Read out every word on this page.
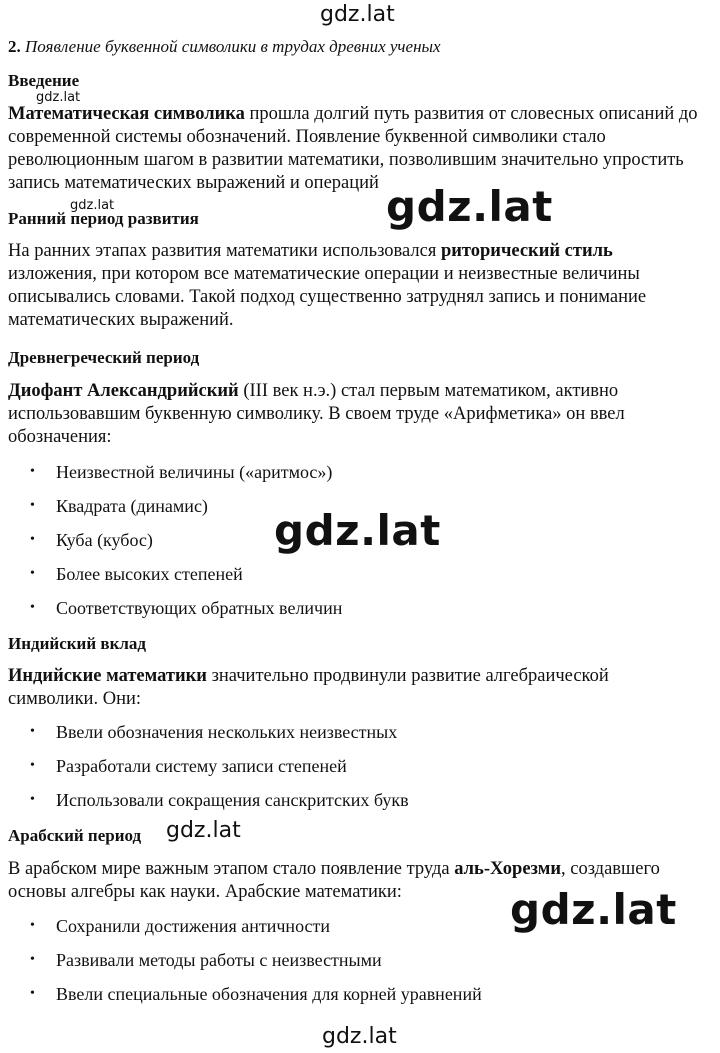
gdz.lat
gdz.lat
gdz.lat	gdz.lat
gdz.lat
gdz.lat
gdz.lat
gdz.lat
2. Появление буквенной символики в трудах древних ученых
Введение
Математическая символика прошла долгий путь развития от словесных описаний до современной системы обозначений. Появление буквенной символики стало революционным шагом в развитии математики, позволившим значительно упростить запись математических выражений и операций
Ранний период развития
На ранних этапах развития математики использовался риторический стиль изложения, при котором все математические операции и неизвестные величины описывались словами. Такой подход существенно затруднял запись и понимание математических выражений.
Древнегреческий период
Диофант Александрийский (III век н.э.) стал первым математиком, активно использовавшим буквенную символику. В своем труде «Арифметика» он ввел обозначения:
• Неизвестной величины («аритмос»)
• Квадрата (динамис)
• Куба (кубос)
• Более высоких степеней
• Соответствующих обратных величин
Индийский вклад
Индийские математики значительно продвинули развитие алгебраической символики. Они:
• Ввели обозначения нескольких неизвестных
• Разработали систему записи степеней
• Использовали сокращения санскритских букв
Арабский период
В арабском мире важным этапом стало появление труда аль-Хорезми, создавшего основы алгебры как науки. Арабские математики:
• Сохранили достижения античности
• Развивали методы работы с неизвестными
• Ввели специальные обозначения для корней уравнений
